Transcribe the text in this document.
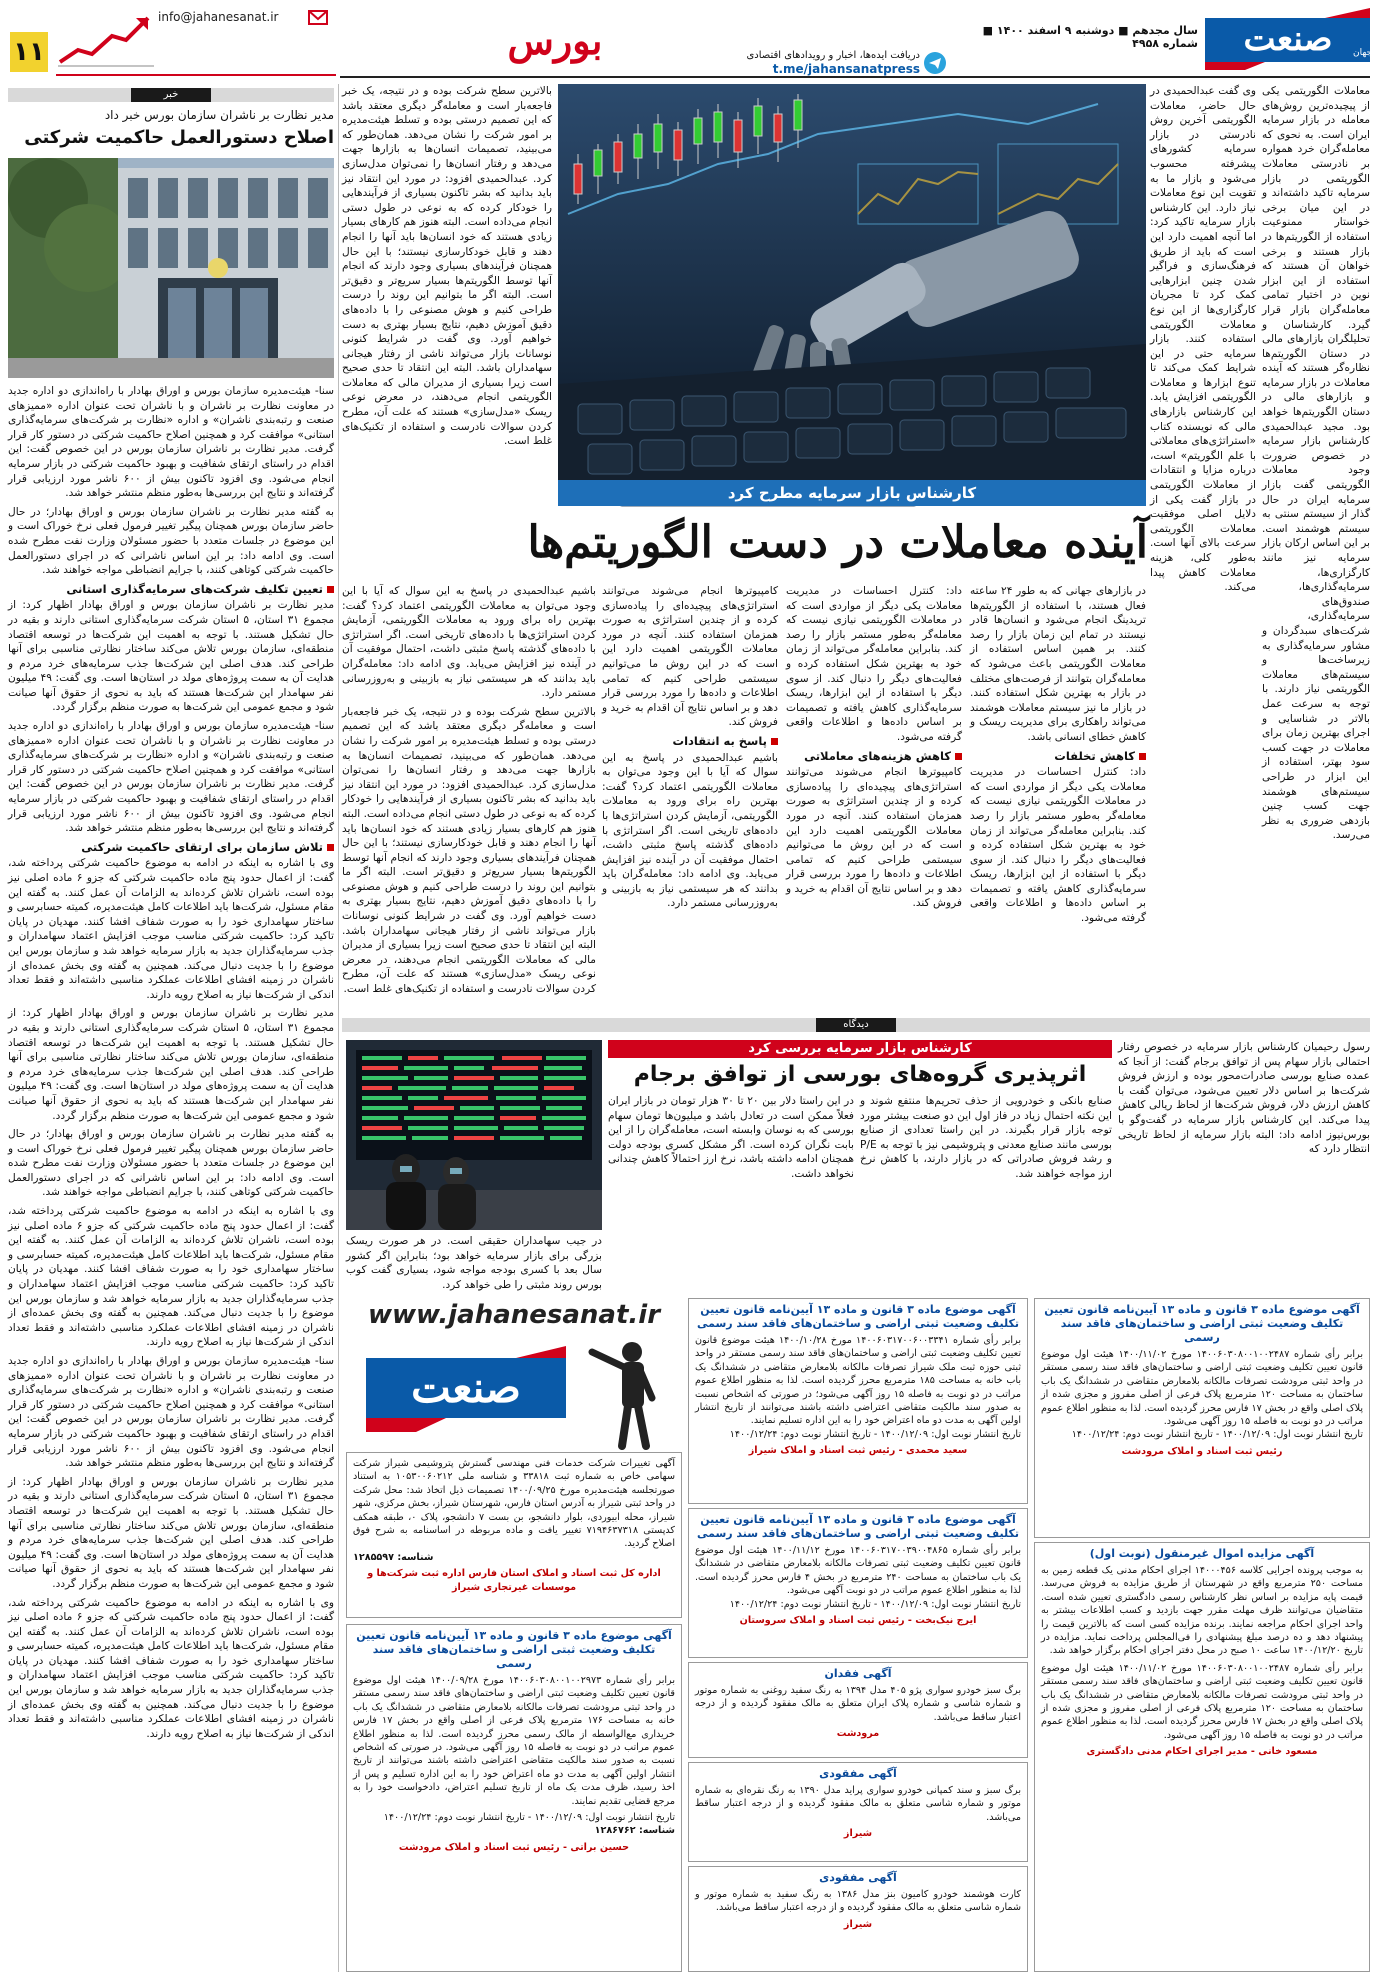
۱۱
info@jahanesanat.ir
بورس	دریافت ایده‌ها، اخبار و رویدادهای اقتصادی
t.me/jahansanatpress
سال مجدهم ■ دوشنبه ۹ اسفند ۱۴۰۰ ■ شماره ۴۹۵۸	صنعت	جهان

معاملات الگوریتمی یکی از پیچیده‌ترین روش‌های معامله در بازار سرمایه ایران است. به نحوی که معامله‌گران خرد همواره بر نادرستی معاملات الگوریتمی در بازار سرمایه تاکید داشته‌اند و در این میان برخی خواستار ممنوعیت استفاده از الگوریتم‌ها در بازار هستند و برخی خواهان آن هستند که استفاده از این ابزار نوین در اختیار تمامی معامله‌گران بازار قرار گیرد. کارشناسان و تحلیلگران بازارهای مالی در دستان الگوریتم‌ها نظاره‌گر هستند که آینده معاملات در بازار سرمایه و بازارهای مالی در دستان الگوریتم‌ها خواهد بود. مجید عبدالحمیدی کارشناس بازار سرمایه در خصوص ضرورت وجود معاملات الگوریتمی گفت بازار سرمایه ایران در حال گذار از سیستم سنتی به سیستم هوشمند است. بر این اساس ارکان بازار سرمایه نیز مانند کارگزاری‌ها، سرمایه‌گذاری‌ها، صندوق‌های سرمایه‌گذاری، شرکت‌های سبدگردان و مشاور سرمایه‌گذاری به زیرساخت‌ها و سیستم‌های معاملات الگوریتمی نیاز دارند. با توجه به سرعت عمل بالاتر در شناسایی و اجرای بهترین زمان برای معاملات در جهت کسب سود بهتر، استفاده از این ابزار در طراحی سیستم‌های هوشمند جهت کسب چنین بازدهی ضروری به نظر می‌رسد.

وی گفت عبدالحمیدی در حال حاضر، معاملات الگوریتمی آخرین روش نادرستی در بازار سرمایه کشورهای پیشرفته محسوب می‌شود و بازار ما به تقویت این نوع معاملات نیاز دارد. این کارشناس بازار سرمایه تاکید کرد: اما آنچه اهمیت دارد این است که باید از طریق فرهنگ‌سازی و فراگیر شدن چنین ابزارهایی کمک کرد تا مجریان کارگزاری‌ها از این نوع معاملات الگوریتمی استفاده کنند. بازار سرمایه حتی در این شرایط کمک می‌کند تا تنوع ابزارها و معاملات الگوریتمی افزایش یابد. این کارشناس بازارهای مالی که نویسنده کتاب «استراتژی‌های معاملاتی با علم الگوریتم» است، درباره مزایا و انتقادات از معاملات الگوریتمی در بازار گفت یکی از دلایل اصلی موفقیت معاملات الگوریتمی سرعت بالای آنها است. به‌طور کلی، هزینه معاملات کاهش پیدا می‌کند.

کارشناس بازار سرمایه مطرح کرد

بالاترین سطح شرکت بوده و در نتیجه، یک خبر فاجعه‌بار است و معامله‌گر دیگری معتقد باشد که این تصمیم درستی بوده و تسلط هیئت‌مدیره بر امور شرکت را نشان می‌دهد. همان‌طور که می‌بینید، تصمیمات انسان‌ها به بازارها جهت می‌دهد و رفتار انسان‌ها را نمی‌توان مدل‌سازی کرد. عبدالحمیدی افزود: در مورد این انتقاد نیز باید بدانید که بشر تاکنون بسیاری از فرآیندهایی را خودکار کرده که به نوعی در طول دستی انجام می‌داده است. البته هنوز هم کارهای بسیار زیادی هستند که خود انسان‌ها باید آنها را انجام دهند و قابل خودکارسازی نیستند؛ با این حال همچنان فرآیندهای بسیاری وجود دارند که انجام آنها توسط الگوریتم‌ها بسیار سریع‌تر و دقیق‌تر است. البته اگر ما بتوانیم این روند را درست طراحی کنیم و هوش مصنوعی را با داده‌های دقیق آموزش دهیم، نتایج بسیار بهتری به دست خواهیم آورد. وی گفت در شرایط کنونی نوسانات بازار می‌تواند ناشی از رفتار هیجانی سهامداران باشد. البته این انتقاد تا حدی صحیح است زیرا بسیاری از مدیران مالی که معاملات الگوریتمی انجام می‌دهند، در معرض نوعی ریسک «مدل‌سازی» هستند که علت آن، مطرح کردن سوالات نادرست و استفاده از تکنیک‌های غلط است.

آینده معاملات در دست الگوریتم‌ها

در بازارهای جهانی که به طور ۲۴ ساعته فعال هستند، با استفاده از الگوریتم‌ها تریدینگ انجام می‌شود و انسان‌ها قادر نیستند در تمام این زمان بازار را رصد کنند. بر همین اساس استفاده از معاملات الگوریتمی باعث می‌شود که معامله‌گران بتوانند از فرصت‌های مختلف در بازار به بهترین شکل استفاده کنند. در بازار ما نیز سیستم معاملات هوشمند می‌تواند راهکاری برای مدیریت ریسک و کاهش خطای انسانی باشد.

کاهش تخلفات

داد: کنترل احساسات در مدیریت معاملات یکی دیگر از مواردی است که در معاملات الگوریتمی نیازی نیست که معامله‌گر به‌طور مستمر بازار را رصد کند. بنابراین معامله‌گر می‌تواند از زمان خود به بهترین شکل استفاده کرده و فعالیت‌های دیگر را دنبال کند. از سوی دیگر با استفاده از این ابزارها، ریسک سرمایه‌گذاری کاهش یافته و تصمیمات بر اساس داده‌ها و اطلاعات واقعی گرفته می‌شود.

داد: کنترل احساسات در مدیریت معاملات یکی دیگر از مواردی است که در معاملات الگوریتمی نیازی نیست که معامله‌گر به‌طور مستمر بازار را رصد کند. بنابراین معامله‌گر می‌تواند از زمان خود به بهترین شکل استفاده کرده و فعالیت‌های دیگر را دنبال کند. از سوی دیگر با استفاده از این ابزارها، ریسک سرمایه‌گذاری کاهش یافته و تصمیمات بر اساس داده‌ها و اطلاعات واقعی گرفته می‌شود.

کاهش هزینه‌های معاملاتی

کامپیوترها انجام می‌شوند می‌توانند استراتژی‌های پیچیده‌ای را پیاده‌سازی کرده و از چندین استراتژی به صورت همزمان استفاده کنند. آنچه در مورد معاملات الگوریتمی اهمیت دارد این است که در این روش ما می‌توانیم سیستمی طراحی کنیم که تمامی اطلاعات و داده‌ها را مورد بررسی قرار دهد و بر اساس نتایج آن اقدام به خرید و فروش کند.

کامپیوترها انجام می‌شوند می‌توانند استراتژی‌های پیچیده‌ای را پیاده‌سازی کرده و از چندین استراتژی به صورت همزمان استفاده کنند. آنچه در مورد معاملات الگوریتمی اهمیت دارد این است که در این روش ما می‌توانیم سیستمی طراحی کنیم که تمامی اطلاعات و داده‌ها را مورد بررسی قرار دهد و بر اساس نتایج آن اقدام به خرید و فروش کند.

پاسخ به انتقادات

باشیم عبدالحمیدی در پاسخ به این سوال که آیا با این وجود می‌توان به معاملات الگوریتمی اعتماد کرد؟ گفت: بهترین راه برای ورود به معاملات الگوریتمی، آزمایش کردن استراتژی‌ها با داده‌های تاریخی است. اگر استراتژی با داده‌های گذشته پاسخ مثبتی داشت، احتمال موفقیت آن در آینده نیز افزایش می‌یابد. وی ادامه داد: معامله‌گران باید بدانند که هر سیستمی نیاز به بازبینی و به‌روزرسانی مستمر دارد.

باشیم عبدالحمیدی در پاسخ به این سوال که آیا با این وجود می‌توان به معاملات الگوریتمی اعتماد کرد؟ گفت: بهترین راه برای ورود به معاملات الگوریتمی، آزمایش کردن استراتژی‌ها با داده‌های تاریخی است. اگر استراتژی با داده‌های گذشته پاسخ مثبتی داشت، احتمال موفقیت آن در آینده نیز افزایش می‌یابد. وی ادامه داد: معامله‌گران باید بدانند که هر سیستمی نیاز به بازبینی و به‌روزرسانی مستمر دارد.

بالاترین سطح شرکت بوده و در نتیجه، یک خبر فاجعه‌بار است و معامله‌گر دیگری معتقد باشد که این تصمیم درستی بوده و تسلط هیئت‌مدیره بر امور شرکت را نشان می‌دهد. همان‌طور که می‌بینید، تصمیمات انسان‌ها به بازارها جهت می‌دهد و رفتار انسان‌ها را نمی‌توان مدل‌سازی کرد. عبدالحمیدی افزود: در مورد این انتقاد نیز باید بدانید که بشر تاکنون بسیاری از فرآیندهایی را خودکار کرده که به نوعی در طول دستی انجام می‌داده است. البته هنوز هم کارهای بسیار زیادی هستند که خود انسان‌ها باید آنها را انجام دهند و قابل خودکارسازی نیستند؛ با این حال همچنان فرآیندهای بسیاری وجود دارند که انجام آنها توسط الگوریتم‌ها بسیار سریع‌تر و دقیق‌تر است. البته اگر ما بتوانیم این روند را درست طراحی کنیم و هوش مصنوعی را با داده‌های دقیق آموزش دهیم، نتایج بسیار بهتری به دست خواهیم آورد. وی گفت در شرایط کنونی نوسانات بازار می‌تواند ناشی از رفتار هیجانی سهامداران باشد. البته این انتقاد تا حدی صحیح است زیرا بسیاری از مدیران مالی که معاملات الگوریتمی انجام می‌دهند، در معرض نوعی ریسک «مدل‌سازی» هستند که علت آن، مطرح کردن سوالات نادرست و استفاده از تکنیک‌های غلط است.

دیدگاه
کارشناس بازار سرمایه بررسی کرد
اثرپذیری گروه‌های بورسی از توافق برجام

رسول رحیمیان کارشناس بازار سرمایه در خصوص رفتار احتمالی بازار سهام پس از توافق برجام گفت: از آنجا که عمده صنایع بورسی صادرات‌محور بوده و ارزش فروش شرکت‌ها بر اساس دلار تعیین می‌شود، می‌توان گفت با کاهش ارزش دلار، فروش شرکت‌ها از لحاظ ریالی کاهش پیدا می‌کند. این کارشناس بازار سرمایه در گفت‌وگو با بورس‌نیوز ادامه داد: البته بازار سرمایه از لحاظ تاریخی انتظار دارد که

صنایع بانکی و خودرویی از حذف تحریم‌ها منتفع شوند و این نکته احتمال زیاد در فاز اول این دو صنعت بیشتر مورد توجه بازار قرار بگیرند. در این راستا تعدادی از صنایع بورسی مانند صنایع معدنی و پتروشیمی نیز با توجه به P/E و رشد فروش صادراتی که در بازار دارند، با کاهش نرخ ارز مواجه خواهند شد.

در این راستا دلار بین ۲۰ تا ۳۰ هزار تومان در بازار ایران فعلاً ممکن است در تعادل باشد و میلیون‌ها تومان سهام بورسی که به نوسان وابسته است، معامله‌گران را از این بابت نگران کرده است. اگر مشکل کسری بودجه دولت همچنان ادامه داشته باشد، نرخ ارز احتمالاً کاهش چندانی نخواهد داشت.

در جیب سهامداران حقیقی است. در هر صورت ریسک بزرگی برای بازار سرمایه خواهد بود؛ بنابراین اگر کشور سال بعد با کسری بودجه مواجه شود، بسیاری گفت کوب بورس روند مثبتی را طی خواهد کرد.

www.jahanesanat.ir
صنعت

آگهی تغییرات شرکت خدمات فنی مهندسی گسترش پتروشیمی شیراز شرکت سهامی خاص به شماره ثبت ۳۳۸۱۸ و شناسه ملی ۱۰۵۳۰۰۶۰۲۱۲ به استناد صورتجلسه هیئت‌مدیره مورخ ۱۴۰۰/۰۹/۲۵ تصمیمات ذیل اتخاذ شد: محل شرکت در واحد ثبتی شیراز به آدرس استان فارس، شهرستان شیراز، بخش مرکزی، شهر شیراز، محله ابیوردی، بلوار دانشجو، بن بست ۷ دانشجو، پلاک ۰، طبقه همکف کدپستی ۷۱۹۴۶۳۷۳۱۸ تغییر یافت و ماده مربوطه در اساسنامه به شرح فوق اصلاح گردید.

شناسه: ۱۲۸۵۵۹۷
اداره کل ثبت اسناد و املاک استان فارس اداره ثبت شرکت‌ها و موسسات غیرتجاری شیراز
آگهی موضوع ماده ۳ قانون و ماده ۱۳ آیین‌نامه قانون تعیین تکلیف وضعیت ثبتی اراضی و ساختمان‌های فاقد سند رسمی

برابر رأی شماره ۱۴۰۰۶۰۳۰۸۰۰۱۰۰۲۹۷۳ مورخ ۱۴۰۰/۰۹/۲۸ هیئت اول موضوع قانون تعیین تکلیف وضعیت ثبتی اراضی و ساختمان‌های فاقد سند رسمی مستقر در واحد ثبتی مرودشت تصرفات مالکانه بلامعارض متقاضی در ششدانگ یک باب خانه به مساحت ۱۷۶ مترمربع پلاک فرعی از اصلی واقع در بخش ۱۷ فارس خریداری مع‌الواسطه از مالک رسمی محرز گردیده است. لذا به منظور اطلاع عموم مراتب در دو نوبت به فاصله ۱۵ روز آگهی می‌شود. در صورتی که اشخاص نسبت به صدور سند مالکیت متقاضی اعتراضی داشته باشند می‌توانند از تاریخ انتشار اولین آگهی به مدت دو ماه اعتراض خود را به این اداره تسلیم و پس از اخذ رسید، ظرف مدت یک ماه از تاریخ تسلیم اعتراض، دادخواست خود را به مرجع قضایی تقدیم نمایند.

تاریخ انتشار نوبت اول: ۱۴۰۰/۱۲/۰۹ - تاریخ انتشار نوبت دوم: ۱۴۰۰/۱۲/۲۴
شناسه: ۱۲۸۶۷۶۲
حسین براتی - رئیس ثبت اسناد و املاک مرودشت
آگهی موضوع ماده ۳ قانون و ماده ۱۳ آیین‌نامه قانون تعیین تکلیف وضعیت ثبتی اراضی و ساختمان‌های فاقد سند رسمی

برابر رأی شماره ۱۴۰۰۶۰۳۱۷۰۰۶۰۰۳۳۴۱ مورخ ۱۴۰۰/۱۰/۲۸ هیئت موضوع قانون تعیین تکلیف وضعیت ثبتی اراضی و ساختمان‌های فاقد سند رسمی مستقر در واحد ثبتی حوزه ثبت ملک شیراز تصرفات مالکانه بلامعارض متقاضی در ششدانگ یک باب خانه به مساحت ۱۸۵ مترمربع محرز گردیده است. لذا به منظور اطلاع عموم مراتب در دو نوبت به فاصله ۱۵ روز آگهی می‌شود؛ در صورتی که اشخاص نسبت به صدور سند مالکیت متقاضی اعتراضی داشته باشند می‌توانند از تاریخ انتشار اولین آگهی به مدت دو ماه اعتراض خود را به این اداره تسلیم نمایند.

تاریخ انتشار نوبت اول: ۱۴۰۰/۱۲/۰۹ - تاریخ انتشار نوبت دوم: ۱۴۰۰/۱۲/۲۴
سعید محمدی - رئیس ثبت اسناد و املاک شیراز
آگهی موضوع ماده ۳ قانون و ماده ۱۳ آیین‌نامه قانون تعیین تکلیف وضعیت ثبتی اراضی و ساختمان‌های فاقد سند رسمی

برابر رأی شماره ۱۴۰۰۶۰۳۱۷۰۰۳۹۰۰۴۸۶۵ مورخ ۱۴۰۰/۱۱/۱۲ هیئت اول موضوع قانون تعیین تکلیف وضعیت ثبتی تصرفات مالکانه بلامعارض متقاضی در ششدانگ یک باب ساختمان به مساحت ۲۴۰ مترمربع در بخش ۴ فارس محرز گردیده است. لذا به منظور اطلاع عموم مراتب در دو نوبت آگهی می‌شود.

تاریخ انتشار نوبت اول: ۱۴۰۰/۱۲/۰۹ - تاریخ انتشار نوبت دوم: ۱۴۰۰/۱۲/۲۴
ایرج نیک‌بخت - رئیس ثبت اسناد و املاک سروستان
آگهی فقدان

برگ سبز خودرو سواری پژو ۴۰۵ مدل ۱۳۹۴ به رنگ سفید روغنی به شماره موتور و شماره شاسی و شماره پلاک ایران متعلق به مالک مفقود گردیده و از درجه اعتبار ساقط می‌باشد.

مرودشت
آگهی مفقودی

برگ سبز و سند کمپانی خودرو سواری پراید مدل ۱۳۹۰ به رنگ نقره‌ای به شماره موتور و شماره شاسی متعلق به مالک مفقود گردیده و از درجه اعتبار ساقط می‌باشد.

شیراز
آگهی مفقودی

کارت هوشمند خودرو کامیون بنز مدل ۱۳۸۶ به رنگ سفید به شماره موتور و شماره شاسی متعلق به مالک مفقود گردیده و از درجه اعتبار ساقط می‌باشد.

شیراز
آگهی موضوع ماده ۳ قانون و ماده ۱۳ آیین‌نامه قانون تعیین تکلیف وضعیت ثبتی اراضی و ساختمان‌های فاقد سند رسمی

برابر رأی شماره ۱۴۰۰۶۰۳۰۸۰۰۱۰۰۲۴۸۷ مورخ ۱۴۰۰/۱۱/۰۲ هیئت اول موضوع قانون تعیین تکلیف وضعیت ثبتی اراضی و ساختمان‌های فاقد سند رسمی مستقر در واحد ثبتی مرودشت تصرفات مالکانه بلامعارض متقاضی در ششدانگ یک باب ساختمان به مساحت ۱۲۰ مترمربع پلاک فرعی از اصلی مفروز و مجزی شده از پلاک اصلی واقع در بخش ۱۷ فارس محرز گردیده است. لذا به منظور اطلاع عموم مراتب در دو نوبت به فاصله ۱۵ روز آگهی می‌شود.

تاریخ انتشار نوبت اول: ۱۴۰۰/۱۲/۰۹ - تاریخ انتشار نوبت دوم: ۱۴۰۰/۱۲/۲۴
رئیس ثبت اسناد و املاک مرودشت
آگهی مزایده اموال غیرمنقول (نوبت اول)

به موجب پرونده اجرایی کلاسه ۱۴۰۰۰۴۵۶ اجرای احکام مدنی یک قطعه زمین به مساحت ۲۵۰ مترمربع واقع در شهرستان از طریق مزایده به فروش می‌رسد. قیمت پایه مزایده بر اساس نظر کارشناس رسمی دادگستری تعیین شده است. متقاضیان می‌توانند ظرف مهلت مقرر جهت بازدید و کسب اطلاعات بیشتر به واحد اجرای احکام مراجعه نمایند. برنده مزایده کسی است که بالاترین قیمت را پیشنهاد دهد و ده درصد مبلغ پیشنهادی را فی‌المجلس پرداخت نماید. مزایده در تاریخ ۱۴۰۰/۱۲/۲۰ ساعت ۱۰ صبح در محل دفتر اجرای احکام برگزار خواهد شد.

برابر رأی شماره ۱۴۰۰۶۰۳۰۸۰۰۱۰۰۲۴۸۷ مورخ ۱۴۰۰/۱۱/۰۲ هیئت اول موضوع قانون تعیین تکلیف وضعیت ثبتی اراضی و ساختمان‌های فاقد سند رسمی مستقر در واحد ثبتی مرودشت تصرفات مالکانه بلامعارض متقاضی در ششدانگ یک باب ساختمان به مساحت ۱۲۰ مترمربع پلاک فرعی از اصلی مفروز و مجزی شده از پلاک اصلی واقع در بخش ۱۷ فارس محرز گردیده است. لذا به منظور اطلاع عموم مراتب در دو نوبت به فاصله ۱۵ روز آگهی می‌شود.

مسعود خانی - مدیر اجرای احکام مدنی دادگستری
خبر
مدیر نظارت بر ناشران سازمان بورس خبر داد
اصلاح دستورالعمل حاکمیت شرکتی

سنا- هیئت‌مدیره سازمان بورس و اوراق بهادار با راه‌اندازی دو اداره جدید در معاونت نظارت بر ناشران و با ناشران تحت عنوان اداره «ممیزهای صنعت و رتبه‌بندی ناشران» و اداره «نظارت بر شرکت‌های سرمایه‌گذاری استانی» موافقت کرد و همچنین اصلاح حاکمیت شرکتی در دستور کار قرار گرفت. مدیر نظارت بر ناشران سازمان بورس در این خصوص گفت: این اقدام در راستای ارتقای شفافیت و بهبود حاکمیت شرکتی در بازار سرمایه انجام می‌شود. وی افزود تاکنون بیش از ۶۰۰ ناشر مورد ارزیابی قرار گرفته‌اند و نتایج این بررسی‌ها به‌طور منظم منتشر خواهد شد.

به گفته مدیر نظارت بر ناشران سازمان بورس و اوراق بهادار؛ در حال حاضر سازمان بورس همچنان پیگیر تغییر فرمول فعلی نرخ خوراک است و این موضوع در جلسات متعدد با حضور مسئولان وزارت نفت مطرح شده است. وی ادامه داد: بر این اساس ناشرانی که در اجرای دستورالعمل حاکمیت شرکتی کوتاهی کنند، با جرایم انضباطی مواجه خواهند شد.

تعیین تکلیف شرکت‌های سرمایه‌گذاری استانی

مدیر نظارت بر ناشران سازمان بورس و اوراق بهادار اظهار کرد: از مجموع ۳۱ استان، ۵ استان شرکت سرمایه‌گذاری استانی دارند و بقیه در حال تشکیل هستند. با توجه به اهمیت این شرکت‌ها در توسعه اقتصاد منطقه‌ای، سازمان بورس تلاش می‌کند ساختار نظارتی مناسبی برای آنها طراحی کند. هدف اصلی این شرکت‌ها جذب سرمایه‌های خرد مردم و هدایت آن به سمت پروژه‌های مولد در استان‌ها است. وی گفت: ۴۹ میلیون نفر سهامدار این شرکت‌ها هستند که باید به نحوی از حقوق آنها صیانت شود و مجمع عمومی این شرکت‌ها به صورت منظم برگزار گردد.

سنا- هیئت‌مدیره سازمان بورس و اوراق بهادار با راه‌اندازی دو اداره جدید در معاونت نظارت بر ناشران و با ناشران تحت عنوان اداره «ممیزهای صنعت و رتبه‌بندی ناشران» و اداره «نظارت بر شرکت‌های سرمایه‌گذاری استانی» موافقت کرد و همچنین اصلاح حاکمیت شرکتی در دستور کار قرار گرفت. مدیر نظارت بر ناشران سازمان بورس در این خصوص گفت: این اقدام در راستای ارتقای شفافیت و بهبود حاکمیت شرکتی در بازار سرمایه انجام می‌شود. وی افزود تاکنون بیش از ۶۰۰ ناشر مورد ارزیابی قرار گرفته‌اند و نتایج این بررسی‌ها به‌طور منظم منتشر خواهد شد.

تلاش سازمان برای ارتقای حاکمیت شرکتی

وی با اشاره به اینکه در ادامه به موضوع حاکمیت شرکتی پرداخته شد، گفت: از اعمال حدود پنج ماده حاکمیت شرکتی که جزو ۶ ماده اصلی نیز بوده است، ناشران تلاش کرده‌اند به الزامات آن عمل کنند. به گفته این مقام مسئول، شرکت‌ها باید اطلاعات کامل هیئت‌مدیره، کمیته حسابرسی و ساختار سهامداری خود را به صورت شفاف افشا کنند. مهدیان در پایان تاکید کرد: حاکمیت شرکتی مناسب موجب افزایش اعتماد سهامداران و جذب سرمایه‌گذاران جدید به بازار سرمایه خواهد شد و سازمان بورس این موضوع را با جدیت دنبال می‌کند. همچنین به گفته وی بخش عمده‌ای از ناشران در زمینه افشای اطلاعات عملکرد مناسبی داشته‌اند و فقط تعداد اندکی از شرکت‌ها نیاز به اصلاح رویه دارند.

مدیر نظارت بر ناشران سازمان بورس و اوراق بهادار اظهار کرد: از مجموع ۳۱ استان، ۵ استان شرکت سرمایه‌گذاری استانی دارند و بقیه در حال تشکیل هستند. با توجه به اهمیت این شرکت‌ها در توسعه اقتصاد منطقه‌ای، سازمان بورس تلاش می‌کند ساختار نظارتی مناسبی برای آنها طراحی کند. هدف اصلی این شرکت‌ها جذب سرمایه‌های خرد مردم و هدایت آن به سمت پروژه‌های مولد در استان‌ها است. وی گفت: ۴۹ میلیون نفر سهامدار این شرکت‌ها هستند که باید به نحوی از حقوق آنها صیانت شود و مجمع عمومی این شرکت‌ها به صورت منظم برگزار گردد.

به گفته مدیر نظارت بر ناشران سازمان بورس و اوراق بهادار؛ در حال حاضر سازمان بورس همچنان پیگیر تغییر فرمول فعلی نرخ خوراک است و این موضوع در جلسات متعدد با حضور مسئولان وزارت نفت مطرح شده است. وی ادامه داد: بر این اساس ناشرانی که در اجرای دستورالعمل حاکمیت شرکتی کوتاهی کنند، با جرایم انضباطی مواجه خواهند شد.

وی با اشاره به اینکه در ادامه به موضوع حاکمیت شرکتی پرداخته شد، گفت: از اعمال حدود پنج ماده حاکمیت شرکتی که جزو ۶ ماده اصلی نیز بوده است، ناشران تلاش کرده‌اند به الزامات آن عمل کنند. به گفته این مقام مسئول، شرکت‌ها باید اطلاعات کامل هیئت‌مدیره، کمیته حسابرسی و ساختار سهامداری خود را به صورت شفاف افشا کنند. مهدیان در پایان تاکید کرد: حاکمیت شرکتی مناسب موجب افزایش اعتماد سهامداران و جذب سرمایه‌گذاران جدید به بازار سرمایه خواهد شد و سازمان بورس این موضوع را با جدیت دنبال می‌کند. همچنین به گفته وی بخش عمده‌ای از ناشران در زمینه افشای اطلاعات عملکرد مناسبی داشته‌اند و فقط تعداد اندکی از شرکت‌ها نیاز به اصلاح رویه دارند.

سنا- هیئت‌مدیره سازمان بورس و اوراق بهادار با راه‌اندازی دو اداره جدید در معاونت نظارت بر ناشران و با ناشران تحت عنوان اداره «ممیزهای صنعت و رتبه‌بندی ناشران» و اداره «نظارت بر شرکت‌های سرمایه‌گذاری استانی» موافقت کرد و همچنین اصلاح حاکمیت شرکتی در دستور کار قرار گرفت. مدیر نظارت بر ناشران سازمان بورس در این خصوص گفت: این اقدام در راستای ارتقای شفافیت و بهبود حاکمیت شرکتی در بازار سرمایه انجام می‌شود. وی افزود تاکنون بیش از ۶۰۰ ناشر مورد ارزیابی قرار گرفته‌اند و نتایج این بررسی‌ها به‌طور منظم منتشر خواهد شد.

مدیر نظارت بر ناشران سازمان بورس و اوراق بهادار اظهار کرد: از مجموع ۳۱ استان، ۵ استان شرکت سرمایه‌گذاری استانی دارند و بقیه در حال تشکیل هستند. با توجه به اهمیت این شرکت‌ها در توسعه اقتصاد منطقه‌ای، سازمان بورس تلاش می‌کند ساختار نظارتی مناسبی برای آنها طراحی کند. هدف اصلی این شرکت‌ها جذب سرمایه‌های خرد مردم و هدایت آن به سمت پروژه‌های مولد در استان‌ها است. وی گفت: ۴۹ میلیون نفر سهامدار این شرکت‌ها هستند که باید به نحوی از حقوق آنها صیانت شود و مجمع عمومی این شرکت‌ها به صورت منظم برگزار گردد.

وی با اشاره به اینکه در ادامه به موضوع حاکمیت شرکتی پرداخته شد، گفت: از اعمال حدود پنج ماده حاکمیت شرکتی که جزو ۶ ماده اصلی نیز بوده است، ناشران تلاش کرده‌اند به الزامات آن عمل کنند. به گفته این مقام مسئول، شرکت‌ها باید اطلاعات کامل هیئت‌مدیره، کمیته حسابرسی و ساختار سهامداری خود را به صورت شفاف افشا کنند. مهدیان در پایان تاکید کرد: حاکمیت شرکتی مناسب موجب افزایش اعتماد سهامداران و جذب سرمایه‌گذاران جدید به بازار سرمایه خواهد شد و سازمان بورس این موضوع را با جدیت دنبال می‌کند. همچنین به گفته وی بخش عمده‌ای از ناشران در زمینه افشای اطلاعات عملکرد مناسبی داشته‌اند و فقط تعداد اندکی از شرکت‌ها نیاز به اصلاح رویه دارند.
